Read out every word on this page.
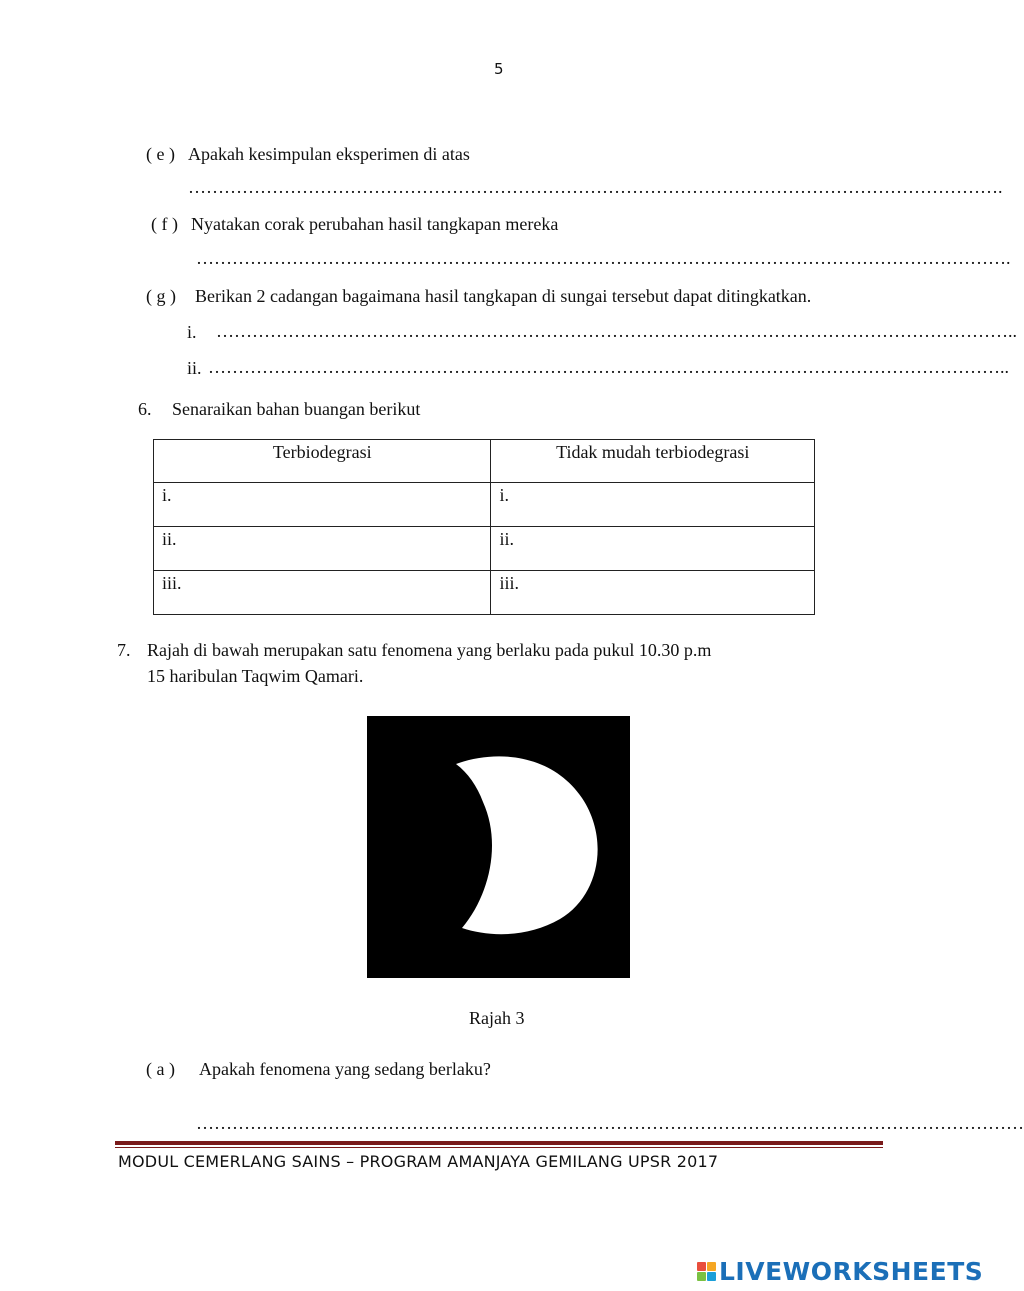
5
( e ) Apakah kesimpulan eksperimen di atas
……………………………………………………………………………………………………………………….
( f ) Nyatakan corak perubahan hasil tangkapan mereka
……………………………………………………………………………………………………………………….
( g ) Berikan 2 cadangan bagaimana hasil tangkapan di sungai tersebut dapat ditingkatkan.
i. ……………………………………………………………………………………………………………………..
ii. ……………………………………………………………………………………………………………………..
6. Senaraikan bahan buangan berikut
Terbiodegrasi	Tidak mudah terbiodegrasi
i.	i.
ii.	ii.
iii.	iii.
7. Rajah di bawah merupakan satu fenomena yang berlaku pada pukul 10.30 p.m
15 haribulan Taqwim Qamari.
Rajah 3
( a ) Apakah fenomena yang sedang berlaku?
…………………………………………………………………………………………………………………………
MODUL CEMERLANG SAINS – PROGRAM AMANJAYA GEMILANG UPSR 2017
LIVEWORKSHEETS
